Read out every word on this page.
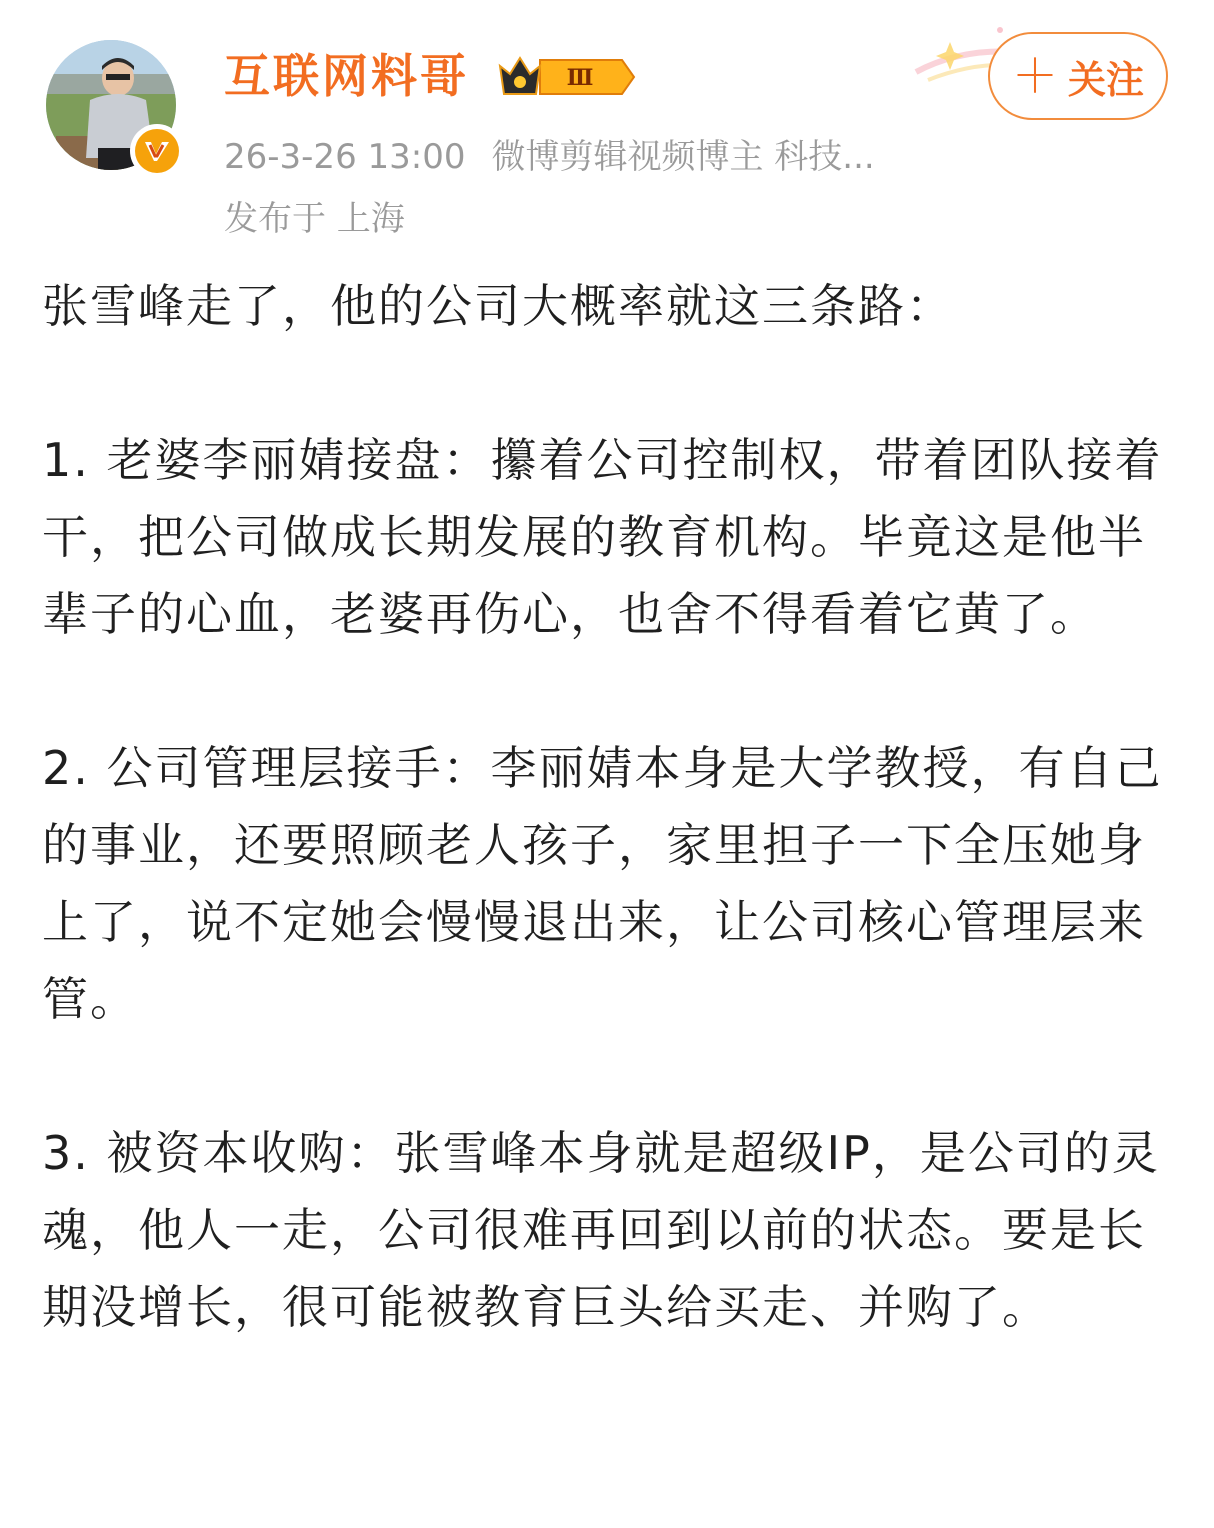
互联网料哥	Ⅲ
26-3-26 13:00 微博剪辑视频博主 科技...
发布于 上海
＋ 关注

张雪峰走了，他的公司大概率就这三条路：

1. 老婆李丽婧接盘：攥着公司控制权，带着团队接着干，把公司做成长期发展的教育机构。毕竟这是他半辈子的心血，老婆再伤心，也舍不得看着它黄了。

2. 公司管理层接手：李丽婧本身是大学教授，有自己的事业，还要照顾老人孩子，家里担子一下全压她身上了，说不定她会慢慢退出来，让公司核心管理层来管。

3. 被资本收购：张雪峰本身就是超级IP，是公司的灵魂，他人一走，公司很难再回到以前的状态。要是长期没增长，很可能被教育巨头给买走、并购了。
